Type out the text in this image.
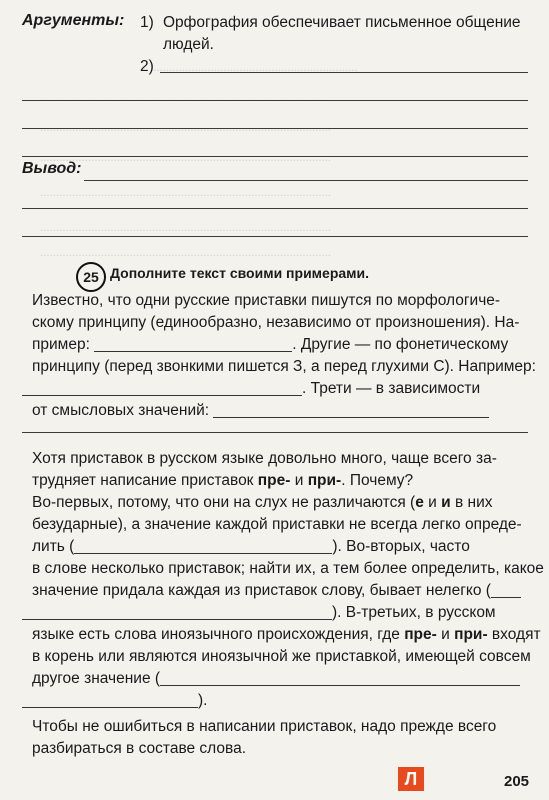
.................................................................
...........................................................................................
...........................................................................................
...........................................................................................
...........................................................................................
...........................................................................................
...........................................................................................
Аргументы: 1) Орфография обеспечивает письменное общение
людей.
2)
Вывод:
25 Дополните текст своими примерами.
Известно, что одни русские приставки пишутся по морфологиче-
скому принципу (единообразно, независимо от произношения). На-
пример:	. Другие — по фонетическому
принципу (перед звонкими пишется З, а перед глухими С). Например:
. Трети — в зависимости
от смысловых значений:
Хотя приставок в русском языке довольно много, чаще всего за-
трудняет написание приставок пре- и при-. Почему?
Во-первых, потому, что они на слух не различаются (е и и в них
безударные), а значение каждой приставки не всегда легко опреде-
лить (	). Во-вторых, часто
в слове несколько приставок; найти их, а тем более определить, какое
значение придала каждая из приставок слову, бывает нелегко (
). В-третьих, в русском
языке есть слова иноязычного происхождения, где пре- и при- входят
в корень или являются иноязычной же приставкой, имеющей совсем
другое значение (
).
Чтобы не ошибиться в написании приставок, надо прежде всего
разбираться в составе слова.
Л	205
